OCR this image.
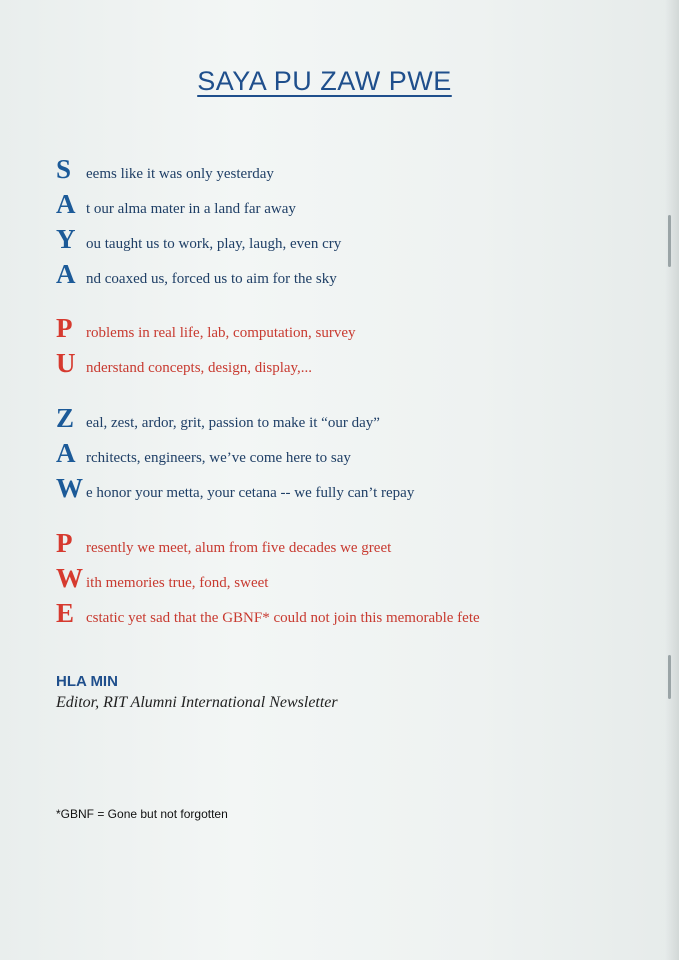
SAYA PU ZAW PWE
Seems like it was only yesterday
At our alma mater in a land far away
You taught us to work, play, laugh, even cry
And coaxed us, forced us to aim for the sky
Problems in real life, lab, computation, survey
Understand concepts, design, display,...
Zeal, zest, ardor, grit, passion to make it “our day”
Architects, engineers, we’ve come here to say
We honor your metta, your cetana -- we fully can’t repay
Presently we meet, alum from five decades we greet
With memories true, fond, sweet
Ecstatic yet sad that the GBNF* could not join this memorable fete
HLA MIN
Editor, RIT Alumni International Newsletter
*GBNF = Gone but not forgotten
